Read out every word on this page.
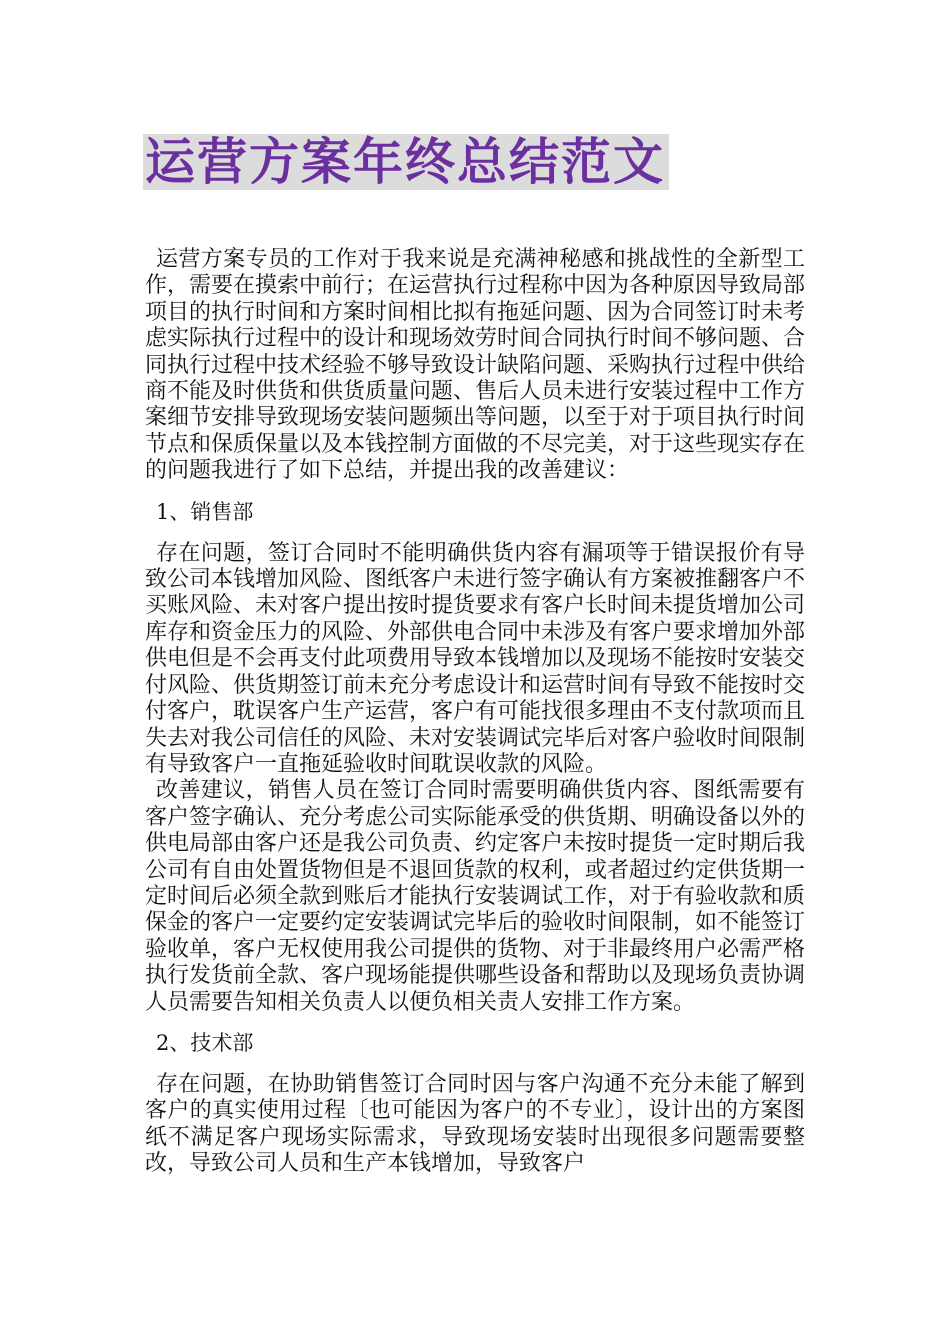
运营方案年终总结范文

运营方案专员的工作对于我来说是充满神秘感和挑战性的全新型工作，需要在摸索中前行；在运营执行过程称中因为各种原因导致局部项目的执行时间和方案时间相比拟有拖延问题、因为合同签订时未考虑实际执行过程中的设计和现场效劳时间合同执行时间不够问题、合同执行过程中技术经验不够导致设计缺陷问题、采购执行过程中供给商不能及时供货和供货质量问题、售后人员未进行安装过程中工作方案细节安排导致现场安装问题频出等问题，以至于对于项目执行时间节点和保质保量以及本钱控制方面做的不尽完美，对于这些现实存在的问题我进行了如下总结，并提出我的改善建议：

1、销售部

存在问题，签订合同时不能明确供货内容有漏项等于错误报价有导致公司本钱增加风险、图纸客户未进行签字确认有方案被推翻客户不买账风险、未对客户提出按时提货要求有客户长时间未提货增加公司库存和资金压力的风险、外部供电合同中未涉及有客户要求增加外部供电但是不会再支付此项费用导致本钱增加以及现场不能按时安装交付风险、供货期签订前未充分考虑设计和运营时间有导致不能按时交付客户，耽误客户生产运营，客户有可能找很多理由不支付款项而且失去对我公司信任的风险、未对安装调试完毕后对客户验收时间限制有导致客户一直拖延验收时间耽误收款的风险。

改善建议，销售人员在签订合同时需要明确供货内容、图纸需要有客户签字确认、充分考虑公司实际能承受的供货期、明确设备以外的供电局部由客户还是我公司负责、约定客户未按时提货一定时期后我公司有自由处置货物但是不退回货款的权利，或者超过约定供货期一定时间后必须全款到账后才能执行安装调试工作，对于有验收款和质保金的客户一定要约定安装调试完毕后的验收时间限制，如不能签订验收单，客户无权使用我公司提供的货物、对于非最终用户必需严格执行发货前全款、客户现场能提供哪些设备和帮助以及现场负责协调人员需要告知相关负责人以便负相关责人安排工作方案。

2、技术部

存在问题，在协助销售签订合同时因与客户沟通不充分未能了解到客户的真实使用过程〔也可能因为客户的不专业〕，设计出的方案图纸不满足客户现场实际需求，导致现场安装时出现很多问题需要整改，导致公司人员和生产本钱增加，导致客户
